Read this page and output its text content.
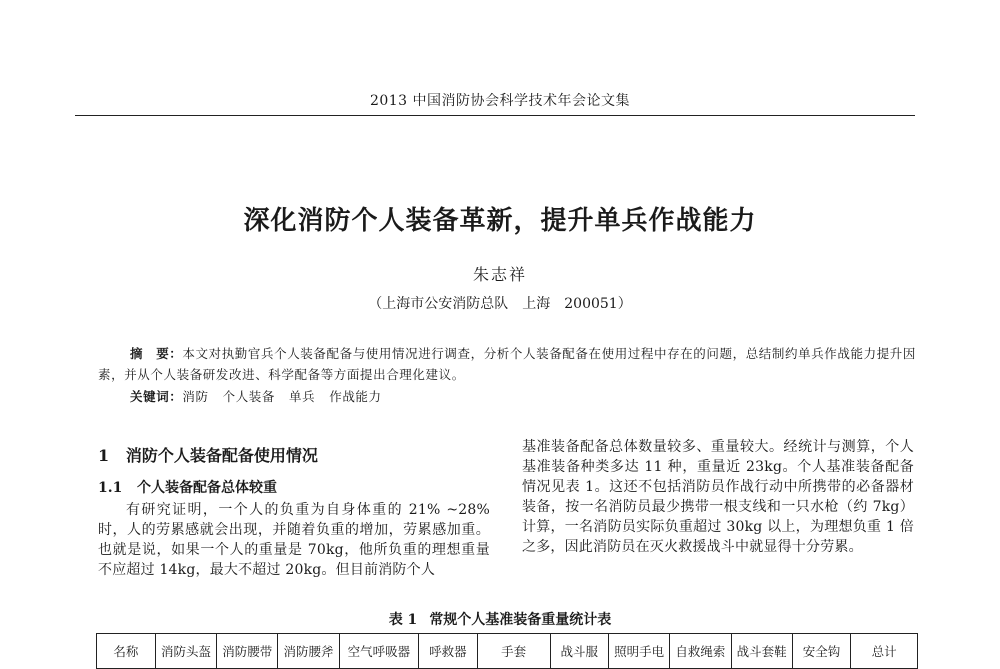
2013 中国消防协会科学技术年会论文集
深化消防个人装备革新，提升单兵作战能力
朱志祥
（上海市公安消防总队　上海　200051）
摘　要：本文对执勤官兵个人装备配备与使用情况进行调查，分析个人装备配备在使用过程中存在的问题，总结制约单兵作战能力提升因素，并从个人装备研发改进、科学配备等方面提出合理化建议。
关键词：消防 个人装备 单兵 作战能力
1 消防个人装备配备使用情况
1.1 个人装备配备总体较重
有研究证明，一个人的负重为自身体重的 21% ~28% 时，人的劳累感就会出现，并随着负重的增加，劳累感加重。也就是说，如果一个人的重量是 70kg，他所负重的理想重量不应超过 14kg，最大不超过 20kg。但目前消防个人
基准装备配备总体数量较多、重量较大。经统计与测算，个人基准装备种类多达 11 种，重量近 23kg。个人基准装备配备情况见表 1。这还不包括消防员作战行动中所携带的必备器材装备，按一名消防员最少携带一根支线和一只水枪（约 7kg）计算，一名消防员实际负重超过 30kg 以上，为理想负重 1 倍之多，因此消防员在灭火救援战斗中就显得十分劳累。
表 1 常规个人基准装备重量统计表
名称	消防头盔	消防腰带	消防腰斧	空气呼吸器	呼救器	手套	战斗服	照明手电	自救绳索	战斗套鞋	安全钩	总计
